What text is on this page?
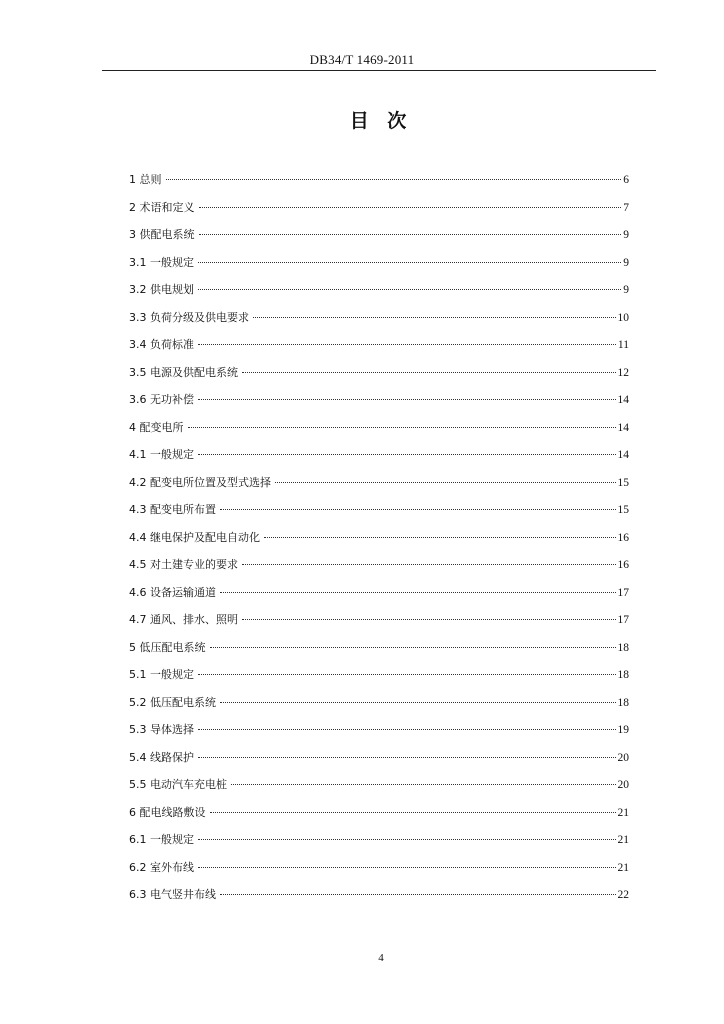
DB34/T 1469-2011
目 次
1 总则	6
2 术语和定义	7
3 供配电系统	9
3.1 一般规定	9
3.2 供电规划	9
3.3 负荷分级及供电要求	10
3.4 负荷标准	11
3.5 电源及供配电系统	12
3.6 无功补偿	14
4 配变电所	14
4.1 一般规定	14
4.2 配变电所位置及型式选择	15
4.3 配变电所布置	15
4.4 继电保护及配电自动化	16
4.5 对土建专业的要求	16
4.6 设备运输通道	17
4.7 通风、排水、照明	17
5 低压配电系统	18
5.1 一般规定	18
5.2 低压配电系统	18
5.3 导体选择	19
5.4 线路保护	20
5.5 电动汽车充电桩	20
6 配电线路敷设	21
6.1 一般规定	21
6.2 室外布线	21
6.3 电气竖井布线	22
4
